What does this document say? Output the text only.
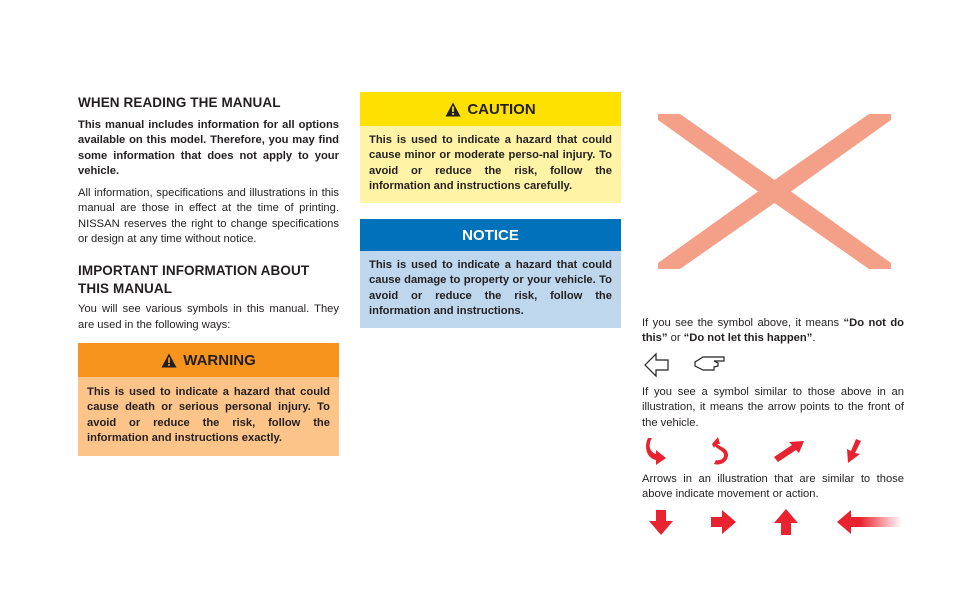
WHEN READING THE MANUAL

This manual includes information for all options available on this model. Therefore, you may find some information that does not apply to your vehicle.

All information, specifications and illustrations in this manual are those in effect at the time of printing. NISSAN reserves the right to change specifications or design at any time without notice.

IMPORTANT INFORMATION ABOUT THIS MANUAL

You will see various symbols in this manual. They are used in the following ways:

WARNING
This is used to indicate a hazard that could cause death or serious personal injury. To avoid or reduce the risk, follow the information and instructions exactly.
CAUTION
This is used to indicate a hazard that could cause minor or moderate perso-nal injury. To avoid or reduce the risk, follow the information and instructions carefully.
NOTICE
This is used to indicate a hazard that could cause damage to property or your vehicle. To avoid or reduce the risk, follow the information and instructions.
If you see the symbol above, it means “Do not do this” or “Do not let this happen”.
If you see a symbol similar to those above in an illustration, it means the arrow points to the front of the vehicle.
Arrows in an illustration that are similar to those above indicate movement or action.
